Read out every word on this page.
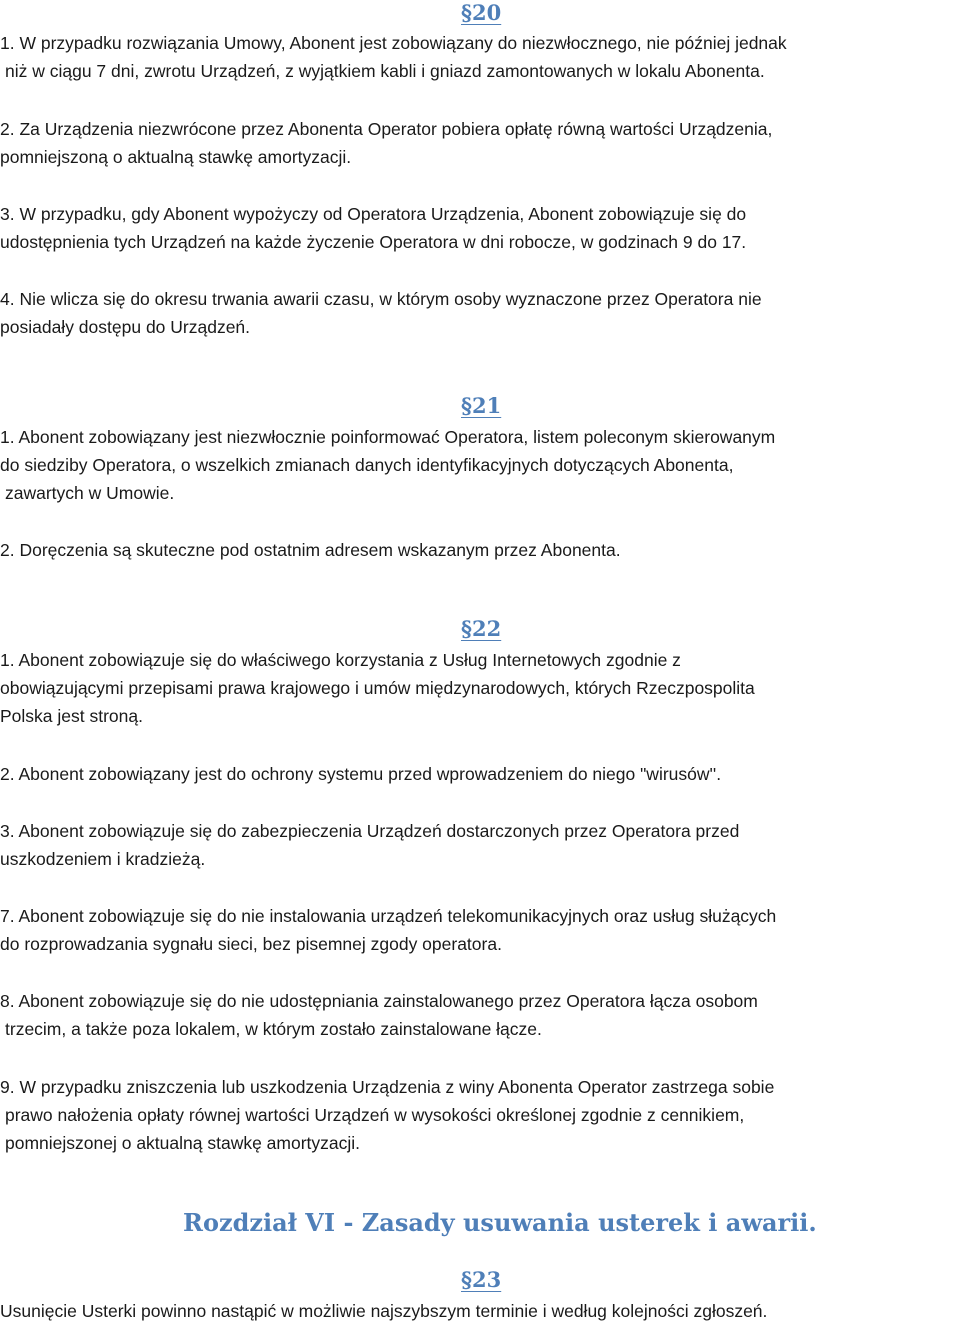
§20

1. W przypadku rozwiązania Umowy, Abonent jest zobowiązany do niezwłocznego, nie później jednak
niż w ciągu 7 dni, zwrotu Urządzeń, z wyjątkiem kabli i gniazd zamontowanych w lokalu Abonenta.

2. Za Urządzenia niezwrócone przez Abonenta Operator pobiera opłatę równą wartości Urządzenia,
pomniejszoną o aktualną stawkę amortyzacji.

3. W przypadku, gdy Abonent wypożyczy od Operatora Urządzenia, Abonent zobowiązuje się do
udostępnienia tych Urządzeń na każde życzenie Operatora w dni robocze, w godzinach 9 do 17.

4. Nie wlicza się do okresu trwania awarii czasu, w którym osoby wyznaczone przez Operatora nie
posiadały dostępu do Urządzeń.

§21

1. Abonent zobowiązany jest niezwłocznie poinformować Operatora, listem poleconym skierowanym
do siedziby Operatora, o wszelkich zmianach danych identyfikacyjnych dotyczących Abonenta,
zawartych w Umowie.

2. Doręczenia są skuteczne pod ostatnim adresem wskazanym przez Abonenta.

§22

1. Abonent zobowiązuje się do właściwego korzystania z Usług Internetowych zgodnie z
obowiązującymi przepisami prawa krajowego i umów międzynarodowych, których Rzeczpospolita
Polska jest stroną.

2. Abonent zobowiązany jest do ochrony systemu przed wprowadzeniem do niego "wirusów''.

3. Abonent zobowiązuje się do zabezpieczenia Urządzeń dostarczonych przez Operatora przed
uszkodzeniem i kradzieżą.

7. Abonent zobowiązuje się do nie instalowania urządzeń telekomunikacyjnych oraz usług służących
do rozprowadzania sygnału sieci, bez pisemnej zgody operatora.

8. Abonent zobowiązuje się do nie udostępniania zainstalowanego przez Operatora łącza osobom
trzecim, a także poza lokalem, w którym zostało zainstalowane łącze.

9. W przypadku zniszczenia lub uszkodzenia Urządzenia z winy Abonenta Operator zastrzega sobie
prawo nałożenia opłaty równej wartości Urządzeń w wysokości określonej zgodnie z cennikiem,
pomniejszonej o aktualną stawkę amortyzacji.

Rozdział VI - Zasady usuwania usterek i awarii.
§23

Usunięcie Usterki powinno nastąpić w możliwie najszybszym terminie i według kolejności zgłoszeń.
